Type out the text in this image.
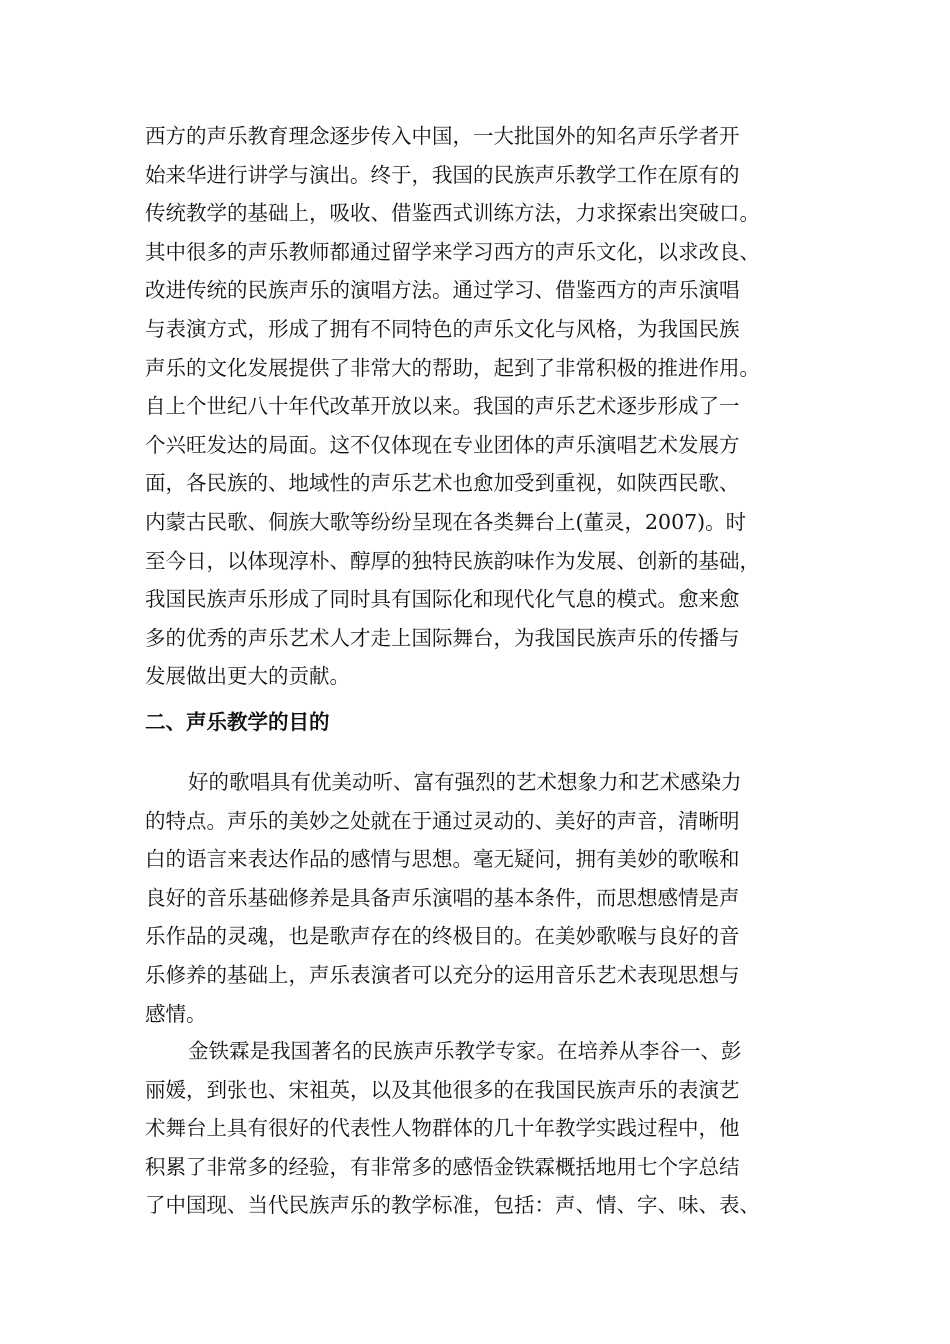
西方的声乐教育理念逐步传入中国，一大批国外的知名声乐学者开
始来华进行讲学与演出。终于，我国的民族声乐教学工作在原有的
传统教学的基础上，吸收、借鉴西式训练方法，力求探索出突破口。
其中很多的声乐教师都通过留学来学习西方的声乐文化，以求改良、
改进传统的民族声乐的演唱方法。通过学习、借鉴西方的声乐演唱
与表演方式，形成了拥有不同特色的声乐文化与风格，为我国民族
声乐的文化发展提供了非常大的帮助，起到了非常积极的推进作用。
自上个世纪八十年代改革开放以来。我国的声乐艺术逐步形成了一
个兴旺发达的局面。这不仅体现在专业团体的声乐演唱艺术发展方
面，各民族的、地域性的声乐艺术也愈加受到重视，如陕西民歌、
内蒙古民歌、侗族大歌等纷纷呈现在各类舞台上(董灵，2007)。时
至今日，以体现淳朴、醇厚的独特民族韵味作为发展、创新的基础，
我国民族声乐形成了同时具有国际化和现代化气息的模式。愈来愈
多的优秀的声乐艺术人才走上国际舞台，为我国民族声乐的传播与
发展做出更大的贡献。
二、声乐教学的目的
好的歌唱具有优美动听、富有强烈的艺术想象力和艺术感染力
的特点。声乐的美妙之处就在于通过灵动的、美好的声音，清晰明
白的语言来表达作品的感情与思想。毫无疑问，拥有美妙的歌喉和
良好的音乐基础修养是具备声乐演唱的基本条件，而思想感情是声
乐作品的灵魂，也是歌声存在的终极目的。在美妙歌喉与良好的音
乐修养的基础上，声乐表演者可以充分的运用音乐艺术表现思想与
感情。
金铁霖是我国著名的民族声乐教学专家。在培养从李谷一、彭
丽媛，到张也、宋祖英，以及其他很多的在我国民族声乐的表演艺
术舞台上具有很好的代表性人物群体的几十年教学实践过程中，他
积累了非常多的经验，有非常多的感悟金铁霖概括地用七个字总结
了中国现、当代民族声乐的教学标准，包括：声、情、字、味、表、
